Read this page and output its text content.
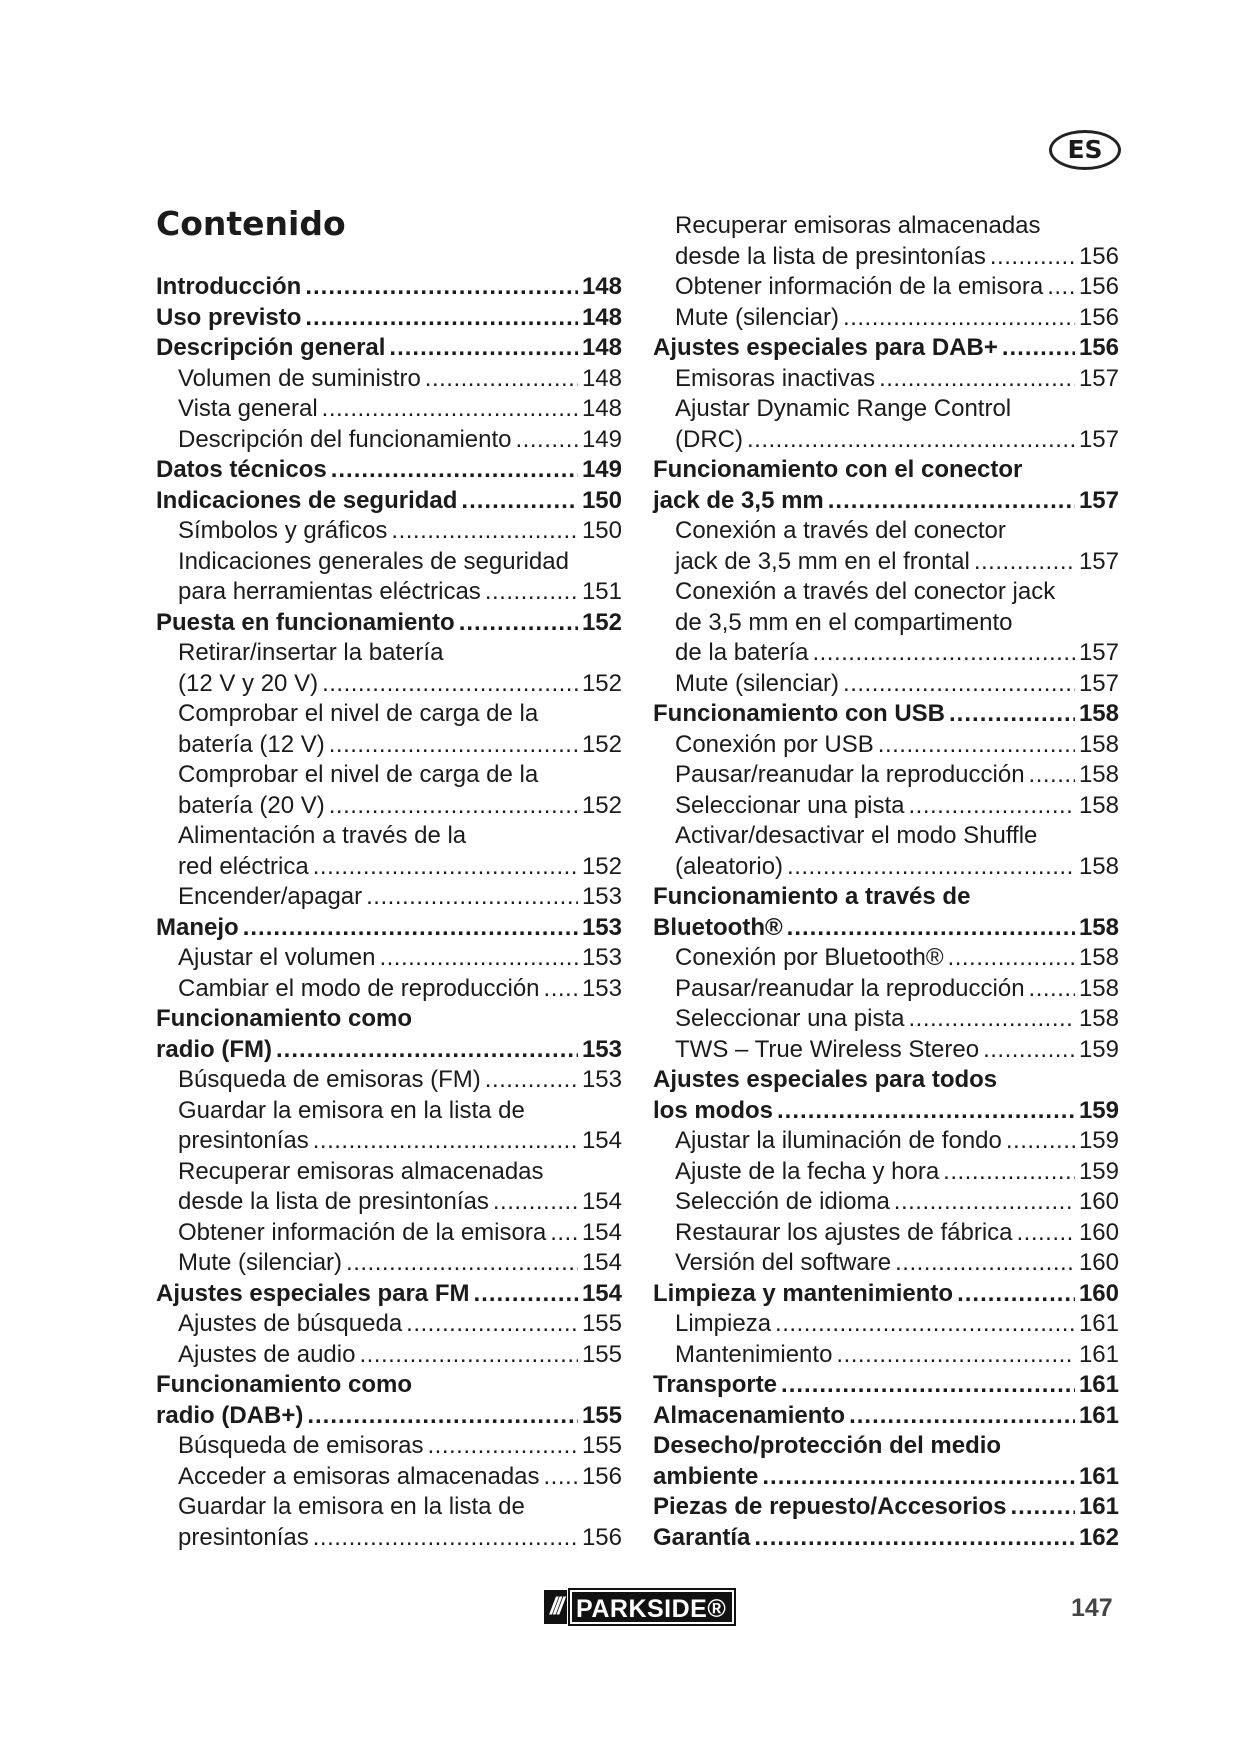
ES
Contenido
Introducción .....	148
Uso previsto .....	148
Descripción general .....	148
Volumen de suministro .....	148
Vista general .....	148
Descripción del funcionamiento .....	149
Datos técnicos .....	149
Indicaciones de seguridad .....	150
Símbolos y gráficos .....	150
Indicaciones generales de seguridad
para herramientas eléctricas .....	151
Puesta en funcionamiento .....	152
Retirar/insertar la batería
(12 V y 20 V) .....	152
Comprobar el nivel de carga de la
batería (12 V) .....	152
Comprobar el nivel de carga de la
batería (20 V) .....	152
Alimentación a través de la
red eléctrica .....	152
Encender/apagar .....	153
Manejo .....	153
Ajustar el volumen .....	153
Cambiar el modo de reproducción ..... 153
Funcionamiento como
radio (FM) .....	153
Búsqueda de emisoras (FM) .....	153
Guardar la emisora en la lista de
presintonías .....	154
Recuperar emisoras almacenadas
desde la lista de presintonías .....	154
Obtener información de la emisora ..... 154
Mute (silenciar) .....	154
Ajustes especiales para FM .....	154
Ajustes de búsqueda .....	155
Ajustes de audio .....	155
Funcionamiento como
radio (DAB+) .....	155
Búsqueda de emisoras .....	155
Acceder a emisoras almacenadas ..... 156
Guardar la emisora en la lista de
presintonías .....	156
Recuperar emisoras almacenadas
desde la lista de presintonías .....	156
Obtener información de la emisora ..... 156
Mute (silenciar) .....	156
Ajustes especiales para DAB+ .....	156
Emisoras inactivas .....	157
Ajustar Dynamic Range Control
(DRC) .....	157
Funcionamiento con el conector
jack de 3,5 mm .....	157
Conexión a través del conector
jack de 3,5 mm en el frontal .....	157
Conexión a través del conector jack
de 3,5 mm en el compartimento
de la batería .....	157
Mute (silenciar) .....	157
Funcionamiento con USB .....	158
Conexión por USB .....	158
Pausar/reanudar la reproducción ..... 158
Seleccionar una pista .....	158
Activar/desactivar el modo Shuffle
(aleatorio) .....	158
Funcionamiento a través de
Bluetooth® .....	158
Conexión por Bluetooth® .....	158
Pausar/reanudar la reproducción ..... 158
Seleccionar una pista .....	158
TWS – True Wireless Stereo .....	159
Ajustes especiales para todos
los modos .....	159
Ajustar la iluminación de fondo .....	159
Ajuste de la fecha y hora .....	159
Selección de idioma .....	160
Restaurar los ajustes de fábrica .....	160
Versión del software .....	160
Limpieza y mantenimiento .....	160
Limpieza .....	161
Mantenimiento .....	161
Transporte .....	161
Almacenamiento .....	161
Desecho/protección del medio
ambiente .....	161
Piezas de repuesto/Accesorios .....	161
Garantía .....	162
/// PARKSIDE®	147
